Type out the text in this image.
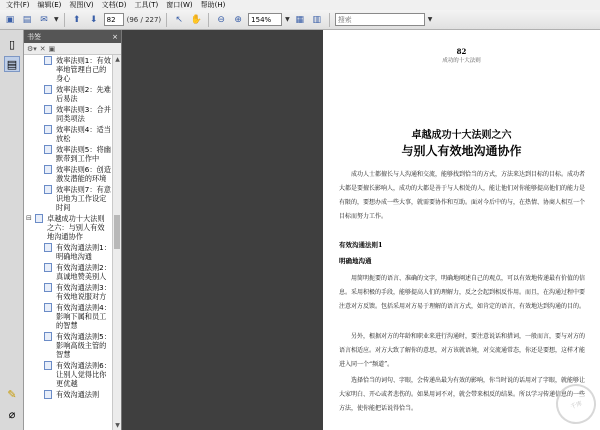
文件(F)	编辑(E)	视图(V)	文档(D)	工具(T)	窗口(W)	帮助(H)
▣ ▤ ✉	▼	⬆	⬇
82	(96 / 227)	↖ ✋	⊖	⊕
154%	▼ ▦ ▥
搜索	▼
▯
▤
✎
⌀
书签	×
⚙▾ ✕ ▣
效率法则1：有效率地管理自己的身心
效率法则2：先难后易法
效率法则3：合并同类项法
效率法则4：适当放松
效率法则5：将幽默带到工作中
效率法则6：创造激发潜能的环境
效率法则7：有意识地为工作设定时间
⊟ 卓越成功十大法则之六：与别人有效地沟通协作
有效沟通法则1：明确地沟通
有效沟通法则2：真诚地赞美别人
有效沟通法则3：有效地说服对方
有效沟通法则4：影响下属和员工的智慧
有效沟通法则5：影响高级主管的智慧
有效沟通法则6：让别人觉得比你更优越
有效沟通法则
▲
▼
82
成功的十大法则
卓越成功十大法则之六
与别人有效地沟通协作

成功人士都擅长与人沟通和交流，能够找到恰当的方式，方法来达到目标的目标。成功者大都是要擅长影响人，成功的大都是善于与人相处的人，能让他们对你能够提高他们的能力是有限的，要想办成一些大事，就需要协作和互助。面对今后中的与，在热情、协商人相互一个目标而努力工作。

有效沟通法则1
明确地沟通

用简明扼要的语言、准确的文字，明确地阐述自己的观点，可以有效地传递最有价值的信息。采用积极的手段，能够提高人们的理解力，反之会起到相反作用。而且，在沟通过程中要注意对方反馈。包括采用对方易于理解的语言方式，如肯定的语言，有效地达到沟通的目的。

另外，根据对方的年龄和职业来进行沟通时，要注意说话和措词，一般而言，要与对方的语言相适应。对方大致了解你的意思，对方该就语境，对交流通常态，你还是要想，这样才能进入同一个“频道”。

选择恰当的词句、字眼，会传递出最为有效的影响，你当时说的话用对了字眼，就能够让大家明白、开心或者悲伤的。如果用词不对，就会带来相反的结果。所以学习传递信息的一些方法，使你能把话说得恰当。	千库
